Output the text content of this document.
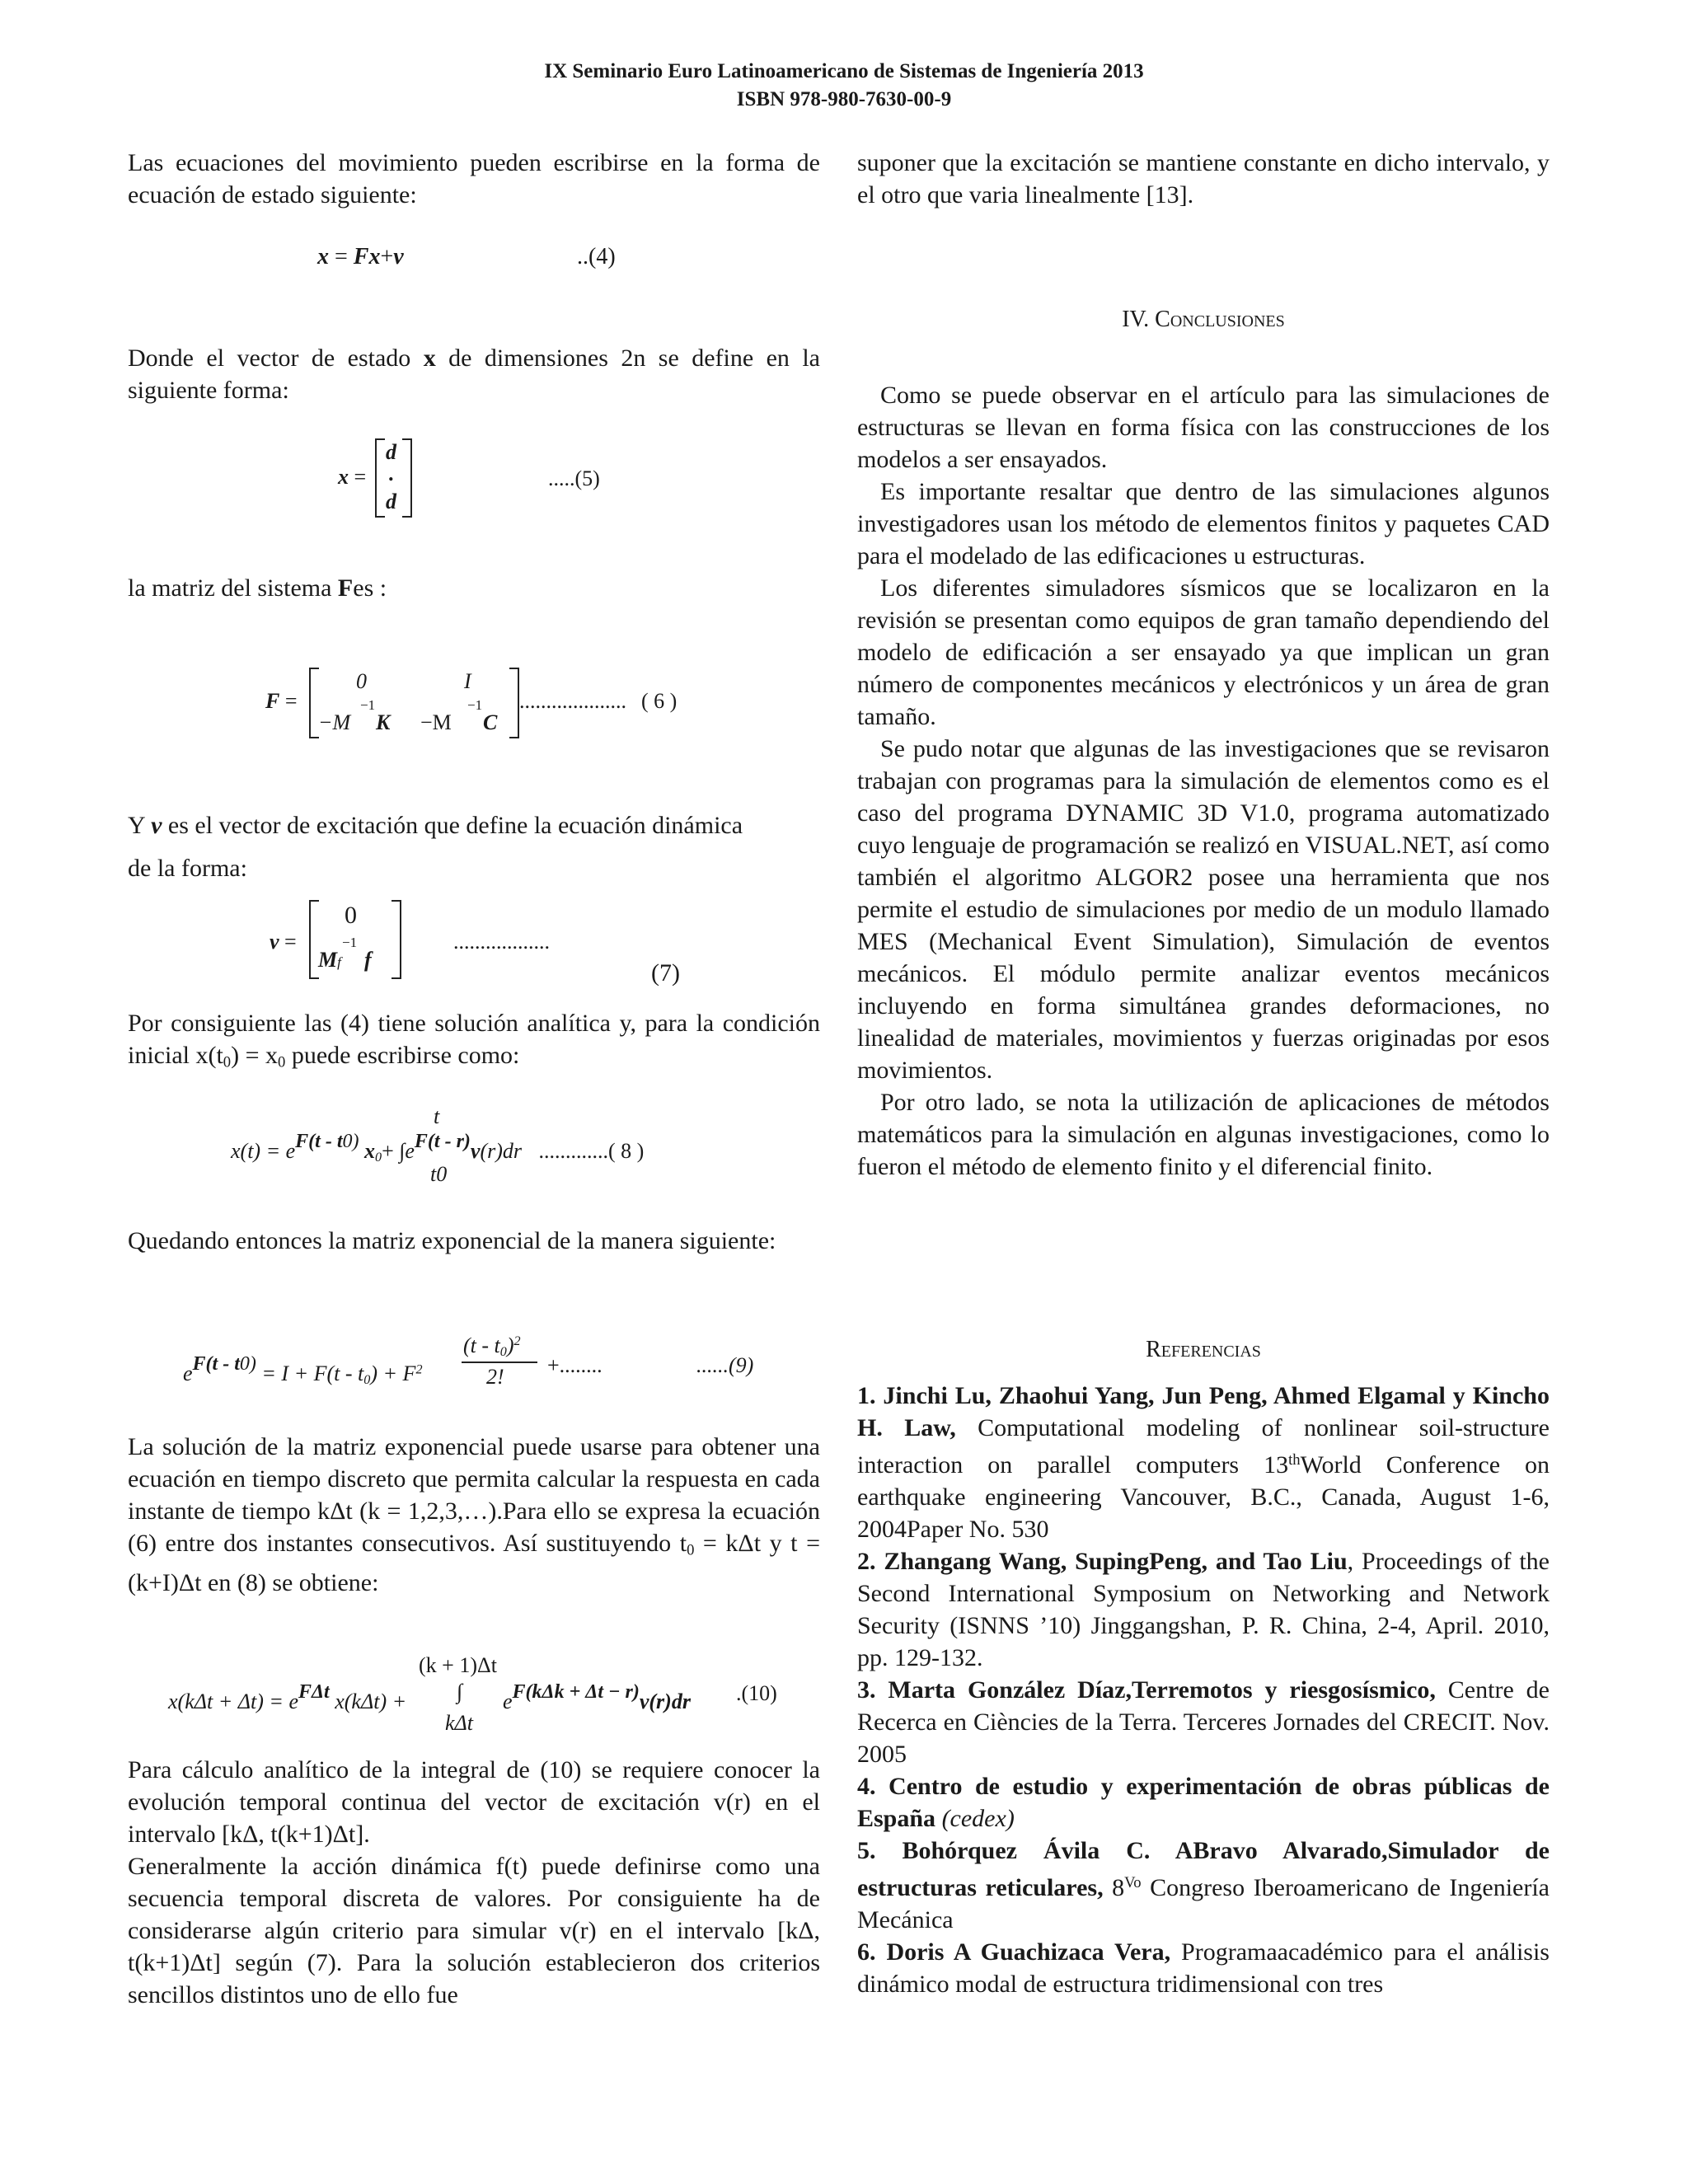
IX Seminario Euro Latinoamericano de Sistemas de Ingeniería 2013
ISBN 978-980-7630-00-9

Las ecuaciones del movimiento pueden escribirse en la forma de ecuación de estado siguiente:

x = Fx+v	..(4)

Donde el vector de estado x de dimensiones 2n se define en la siguiente forma:

x =
d
.
d
.....(5)

la matriz del sistema Fes :

F =
0	I
−1	−1
−M K −M C
.................... ( 6 )

Y v es el vector de excitación que define la ecuación dinámica

de la forma:

v =
0
−1
Mf f
..................
(7)

Por consiguiente las (4) tiene solución analítica y, para la condición inicial $x(t_0) = x_0$ puede escribirse como:

$x(t) = e^{F(t - t0)}$ $x_0+ \int e^{F(t - r)}v(r)dr$ .............( 8 )
t
t0

Quedando entonces la matriz exponencial de la manera siguiente:

$e^{F(t - t0)} = I + F(t - t_0) + F^2$
$(t - t_0)^2$
2! +........	......(9)

La solución de la matriz exponencial puede usarse para obtener una ecuación en tiempo discreto que permita calcular la respuesta en cada instante de tiempo kΔt (k = 1,2,3,…).Para ello se expresa la ecuación (6) entre dos instantes consecutivos. Así sustituyendo $t_0 = k\Delta t$ y t = (k+I)Δt en (8) se obtiene:

$x(k\Delta t + \Delta t) = e^{F\Delta t}$ x(kΔt) +
(k + 1)Δt
∫
kΔt
$e^{F(k\Delta k + \Delta t - r)}v(r)dr$ .(10)

Para cálculo analítico de la integral de (10) se requiere conocer la evolución temporal continua del vector de excitación v(r) en el intervalo [kΔ, t(k+1)Δt].

Generalmente la acción dinámica f(t) puede definirse como una secuencia temporal discreta de valores. Por consiguiente ha de considerarse algún criterio para simular v(r) en el intervalo [kΔ, t(k+1)Δt] según (7). Para la solución establecieron dos criterios sencillos distintos uno de ello fue

suponer que la excitación se mantiene constante en dicho intervalo, y el otro que varia linealmente [13].

IV. Conclusiones

Como se puede observar en el artículo para las simulaciones de estructuras se llevan en forma física con las construcciones de los modelos a ser ensayados.

Es importante resaltar que dentro de las simulaciones algunos investigadores usan los método de elementos finitos y paquetes CAD para el modelado de las edificaciones u estructuras.

Los diferentes simuladores sísmicos que se localizaron en la revisión se presentan como equipos de gran tamaño dependiendo del modelo de edificación a ser ensayado ya que implican un gran número de componentes mecánicos y electrónicos y un área de gran tamaño.

Se pudo notar que algunas de las investigaciones que se revisaron trabajan con programas para la simulación de elementos como es el caso del programa DYNAMIC 3D V1.0, programa automatizado cuyo lenguaje de programación se realizó en VISUAL.NET, así como también el algoritmo ALGOR2 posee una herramienta que nos permite el estudio de simulaciones por medio de un modulo llamado MES (Mechanical Event Simulation), Simulación de eventos mecánicos. El módulo permite analizar eventos mecánicos incluyendo en forma simultánea grandes deformaciones, no linealidad de materiales, movimientos y fuerzas originadas por esos movimientos.

Por otro lado, se nota la utilización de aplicaciones de métodos matemáticos para la simulación en algunas investigaciones, como lo fueron el método de elemento finito y el diferencial finito.

Referencias

1. Jinchi Lu, Zhaohui Yang, Jun Peng, Ahmed Elgamal y Kincho H. Law, Computational modeling of nonlinear soil-structure interaction on parallel computers 13thWorld Conference on earthquake engineering Vancouver, B.C., Canada, August 1-6, 2004Paper No. 530

2. Zhangang Wang, SupingPeng, and Tao Liu, Proceedings of the Second International Symposium on Networking and Network Security (ISNNS ’10) Jinggangshan, P. R. China, 2-4, April. 2010, pp. 129-132.

3. Marta González Díaz,Terremotos y riesgosísmico, Centre de Recerca en Ciències de la Terra. Terceres Jornades del CRECIT. Nov. 2005

4. Centro de estudio y experimentación de obras públicas de España (cedex)

5. Bohórquez Ávila C. ABravo Alvarado,Simulador de estructuras reticulares, $8^{Vo}$ Congreso Iberoamericano de Ingeniería Mecánica

6. Doris A Guachizaca Vera, Programaacadémico para el análisis dinámico modal de estructura tridimensional con tres
